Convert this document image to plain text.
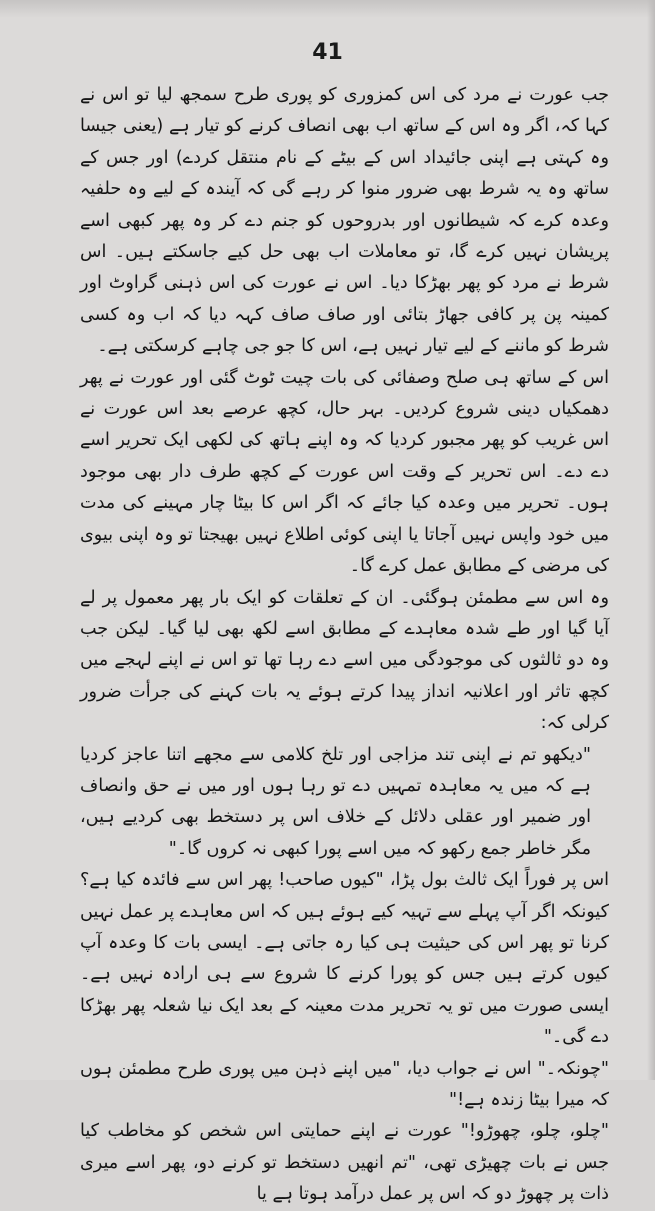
41

جب عورت نے مرد کی اس کمزوری کو پوری طرح سمجھ لیا تو اس نے کہا کہ، اگر وہ اس کے ساتھ اب بھی انصاف کرنے کو تیار ہے (یعنی جیسا وہ کہتی ہے اپنی جائیداد اس کے بیٹے کے نام منتقل کردے) اور جس کے ساتھ وہ یہ شرط بھی ضرور منوا کر رہے گی کہ آیندہ کے لیے وہ حلفیہ وعدہ کرے کہ شیطانوں اور بدروحوں کو جنم دے کر وہ پھر کبھی اسے پریشان نہیں کرے گا، تو معاملات اب بھی حل کیے جاسکتے ہیں۔ اس شرط نے مرد کو پھر بھڑکا دیا۔ اس نے عورت کی اس ذہنی گراوٹ اور کمینہ پن پر کافی جھاڑ بتائی اور صاف صاف کہہ دیا کہ اب وہ کسی شرط کو ماننے کے لیے تیار نہیں ہے، اس کا جو جی چاہے کرسکتی ہے۔

اس کے ساتھ ہی صلح وصفائی کی بات چیت ٹوٹ گئی اور عورت نے پھر دھمکیاں دینی شروع کردیں۔ بہر حال، کچھ عرصے بعد اس عورت نے اس غریب کو پھر مجبور کردیا کہ وہ اپنے ہاتھ کی لکھی ایک تحریر اسے دے دے۔ اس تحریر کے وقت اس عورت کے کچھ طرف دار بھی موجود ہوں۔ تحریر میں وعدہ کیا جائے کہ اگر اس کا بیٹا چار مہینے کی مدت میں خود واپس نہیں آجاتا یا اپنی کوئی اطلاع نہیں بھیجتا تو وہ اپنی بیوی کی مرضی کے مطابق عمل کرے گا۔

وہ اس سے مطمئن ہوگئی۔ ان کے تعلقات کو ایک بار پھر معمول پر لے آیا گیا اور طے شدہ معاہدے کے مطابق اسے لکھ بھی لیا گیا۔ لیکن جب وہ دو ثالثوں کی موجودگی میں اسے دے رہا تھا تو اس نے اپنے لہجے میں کچھ تاثر اور اعلانیہ انداز پیدا کرتے ہوئے یہ بات کہنے کی جرأت ضرور کرلی کہ:

"دیکھو تم نے اپنی تند مزاجی اور تلخ کلامی سے مجھے اتنا عاجز کردیا ہے کہ میں یہ معاہدہ تمہیں دے تو رہا ہوں اور میں نے حق وانصاف اور ضمیر اور عقلی دلائل کے خلاف اس پر دستخط بھی کردیے ہیں، مگر خاطر جمع رکھو کہ میں اسے پورا کبھی نہ کروں گا۔"

اس پر فوراً ایک ثالث بول پڑا، "کیوں صاحب! پھر اس سے فائدہ کیا ہے؟ کیونکہ اگر آپ پہلے سے تہیہ کیے ہوئے ہیں کہ اس معاہدے پر عمل نہیں کرنا تو پھر اس کی حیثیت ہی کیا رہ جاتی ہے۔ ایسی بات کا وعدہ آپ کیوں کرتے ہیں جس کو پورا کرنے کا شروع سے ہی ارادہ نہیں ہے۔ ایسی صورت میں تو یہ تحریر مدت معینہ کے بعد ایک نیا شعلہ پھر بھڑکا دے گی۔"

"چونکہ۔" اس نے جواب دیا، "میں اپنے ذہن میں پوری طرح مطمئن ہوں کہ میرا بیٹا زندہ ہے!"

"چلو، چلو، چھوڑو!" عورت نے اپنے حمایتی اس شخص کو مخاطب کیا جس نے بات چھیڑی تھی، "تم انھیں دستخط تو کرنے دو، پھر اسے میری ذات پر چھوڑ دو کہ اس پر عمل درآمد ہوتا ہے یا
